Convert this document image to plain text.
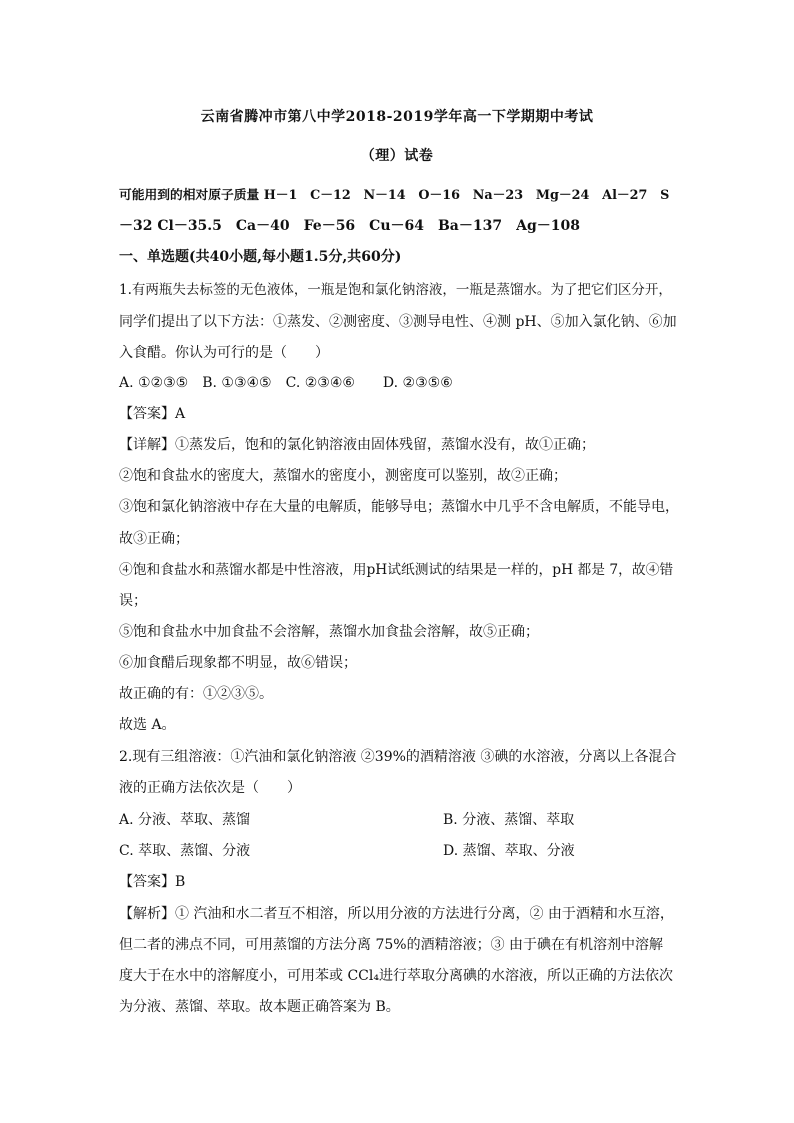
云南省腾冲市第八中学2018-2019学年高一下学期期中考试
（理）试卷
可能用到的相对原子质量 H－1　C－12　N－14　O－16　Na－23　Mg－24　Al－27　S
－32 Cl－35.5　Ca－40　Fe－56　Cu－64　Ba－137　Ag－108
一、单选题(共40小题,每小题1.5分,共60分)
1.有两瓶失去标签的无色液体，一瓶是饱和氯化钠溶液，一瓶是蒸馏水。为了把它们区分开，
同学们提出了以下方法：①蒸发、②测密度、③测导电性、④测 pH、⑤加入氯化钠、⑥加
入食醋。你认为可行的是（　　）
A. ①②③⑤　B. ①③④⑤　C. ②③④⑥　　D. ②③⑤⑥
【答案】A
【详解】①蒸发后，饱和的氯化钠溶液由固体残留，蒸馏水没有，故①正确；
②饱和食盐水的密度大，蒸馏水的密度小，测密度可以鉴别，故②正确；
③饱和氯化钠溶液中存在大量的电解质，能够导电；蒸馏水中几乎不含电解质，不能导电，
故③正确；
④饱和食盐水和蒸馏水都是中性溶液，用pH试纸测试的结果是一样的，pH 都是 7，故④错
误；
⑤饱和食盐水中加食盐不会溶解，蒸馏水加食盐会溶解，故⑤正确；
⑥加食醋后现象都不明显，故⑥错误；
故正确的有：①②③⑤。
故选 A。
2.现有三组溶液：①汽油和氯化钠溶液 ②39%的酒精溶液 ③碘的水溶液，分离以上各混合
液的正确方法依次是（　　）
A. 分液、萃取、蒸馏	B. 分液、蒸馏、萃取
C. 萃取、蒸馏、分液	D. 蒸馏、萃取、分液
【答案】B
【解析】① 汽油和水二者互不相溶，所以用分液的方法进行分离，② 由于酒精和水互溶，
但二者的沸点不同，可用蒸馏的方法分离 75%的酒精溶液；③ 由于碘在有机溶剂中溶解
度大于在水中的溶解度小，可用苯或 CCl₄进行萃取分离碘的水溶液，所以正确的方法依次
为分液、蒸馏、萃取。故本题正确答案为 B。
